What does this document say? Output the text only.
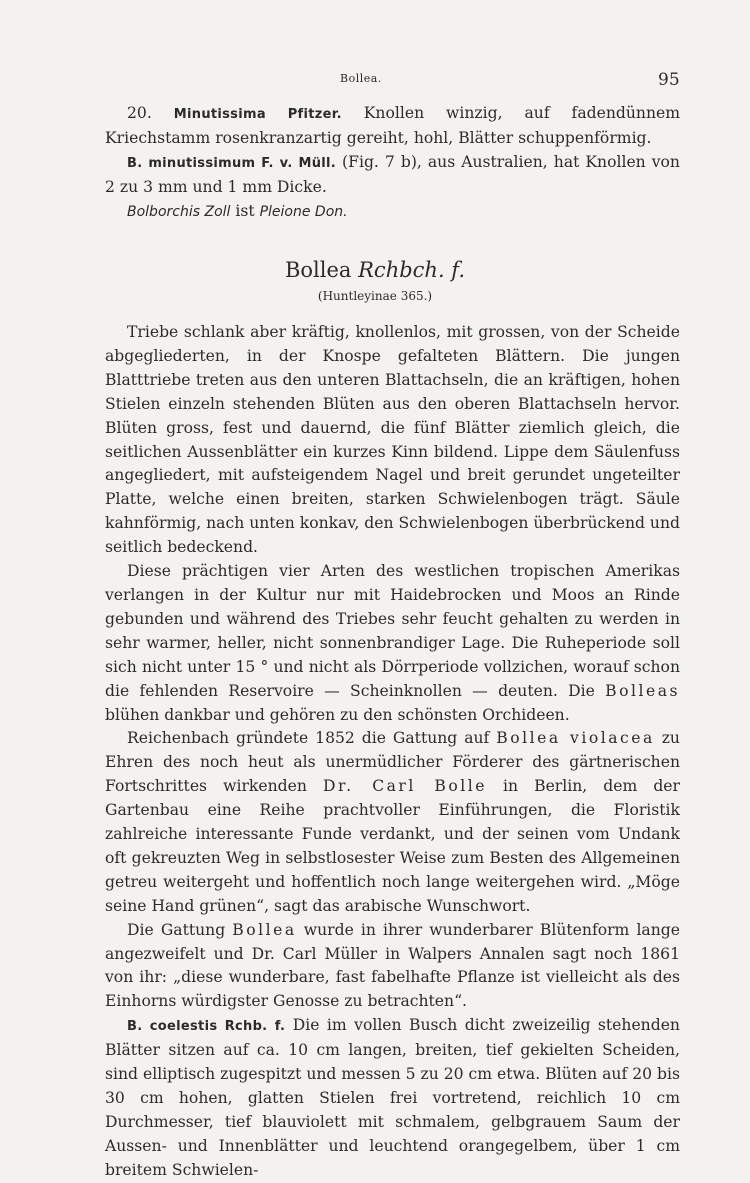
Bollea.	95

20. Minutissima Pfitzer. Knollen winzig, auf fadendünnem Kriechstamm rosenkranzartig gereiht, hohl, Blätter schuppenförmig.

B. minutissimum F. v. Müll. (Fig. 7 b), aus Australien, hat Knollen von 2 zu 3 mm und 1 mm Dicke.

Bolborchis Zoll ist Pleione Don.

Bollea Rchbch. f.
(Huntleyinae 365.)

Triebe schlank aber kräftig, knollenlos, mit grossen, von der Scheide abgegliederten, in der Knospe gefalteten Blättern. Die jungen Blatttriebe treten aus den unteren Blattachseln, die an kräftigen, hohen Stielen einzeln stehenden Blüten aus den oberen Blattachseln hervor. Blüten gross, fest und dauernd, die fünf Blätter ziemlich gleich, die seitlichen Aussenblätter ein kurzes Kinn bildend. Lippe dem Säulenfuss angegliedert, mit aufsteigendem Nagel und breit gerundet ungeteilter Platte, welche einen breiten, starken Schwielenbogen trägt. Säule kahnförmig, nach unten konkav, den Schwielenbogen überbrückend und seitlich bedeckend.

Diese prächtigen vier Arten des westlichen tropischen Amerikas verlangen in der Kultur nur mit Haidebrocken und Moos an Rinde gebunden und während des Triebes sehr feucht gehalten zu werden in sehr warmer, heller, nicht sonnenbrandiger Lage. Die Ruheperiode soll sich nicht unter 15 ° und nicht als Dörrperiode vollzichen, worauf schon die fehlenden Reservoire — Scheinknollen — deuten. Die Bolleas blühen dankbar und gehören zu den schönsten Orchideen.

Reichenbach gründete 1852 die Gattung auf Bollea violacea zu Ehren des noch heut als unermüdlicher Förderer des gärtnerischen Fortschrittes wirkenden Dr. Carl Bolle in Berlin, dem der Gartenbau eine Reihe prachtvoller Einführungen, die Floristik zahlreiche interessante Funde verdankt, und der seinen vom Undank oft gekreuzten Weg in selbstlosester Weise zum Besten des Allgemeinen getreu weitergeht und hoffentlich noch lange weitergehen wird. „Möge seine Hand grünen“, sagt das arabische Wunschwort.

Die Gattung Bollea wurde in ihrer wunderbarer Blütenform lange angezweifelt und Dr. Carl Müller in Walpers Annalen sagt noch 1861 von ihr: „diese wunderbare, fast fabelhafte Pflanze ist vielleicht als des Einhorns würdigster Genosse zu betrachten“.

B. coelestis Rchb. f. Die im vollen Busch dicht zweizeilig stehenden Blätter sitzen auf ca. 10 cm langen, breiten, tief gekielten Scheiden, sind elliptisch zugespitzt und messen 5 zu 20 cm etwa. Blüten auf 20 bis 30 cm hohen, glatten Stielen frei vortretend, reichlich 10 cm Durchmesser, tief blauviolett mit schmalem, gelbgrauem Saum der Aussen- und Innenblätter und leuchtend orangegelbem, über 1 cm breitem Schwielen-
